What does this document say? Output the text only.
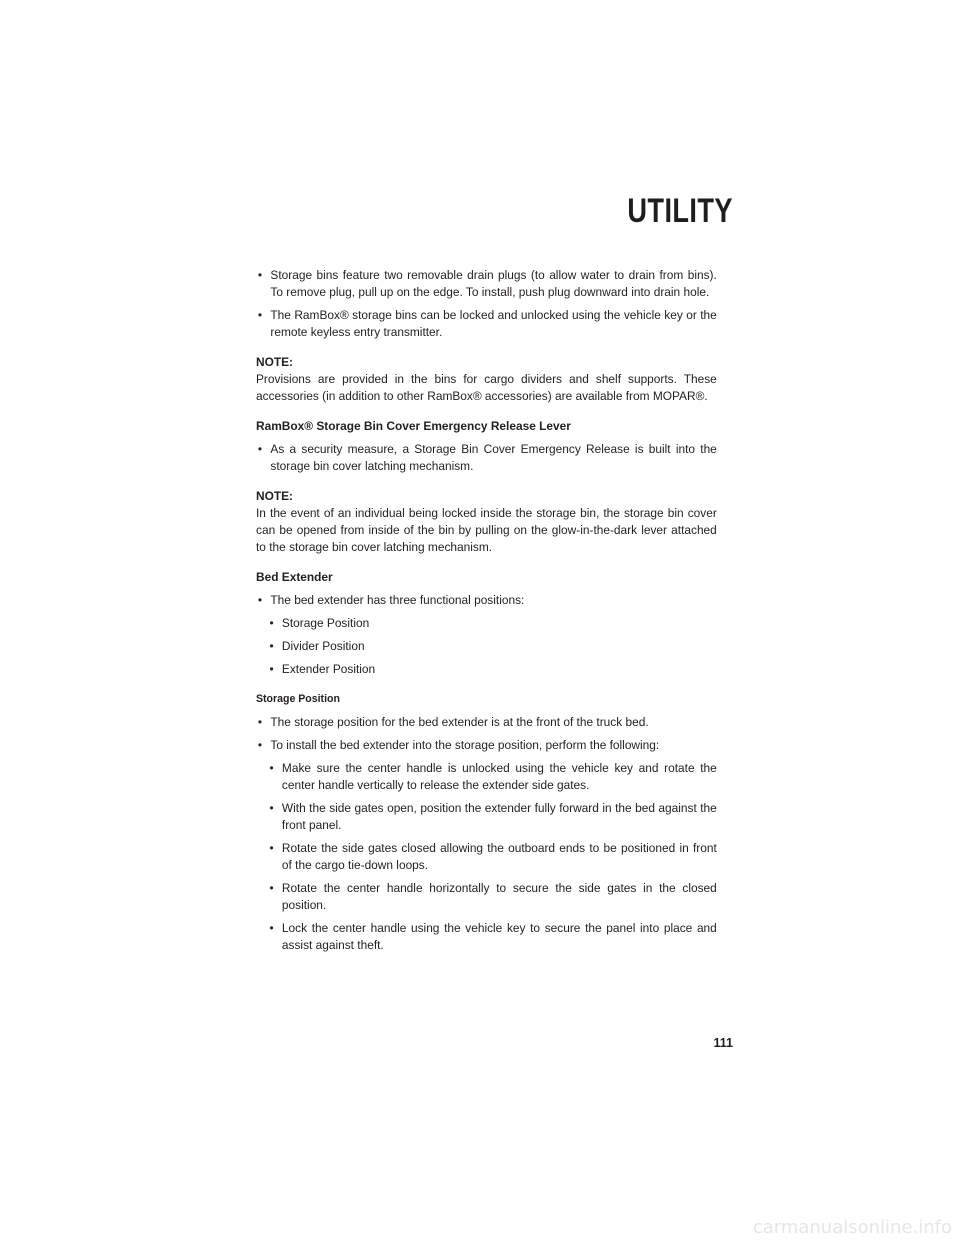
UTILITY

• Storage bins feature two removable drain plugs (to allow water to drain from bins). To remove plug, pull up on the edge. To install, push plug downward into drain hole.

• The RamBox® storage bins can be locked and unlocked using the vehicle key or the remote keyless entry transmitter.

NOTE:

Provisions are provided in the bins for cargo dividers and shelf supports. These accessories (in addition to other RamBox® accessories) are available from MOPAR®.

RamBox® Storage Bin Cover Emergency Release Lever

• As a security measure, a Storage Bin Cover Emergency Release is built into the storage bin cover latching mechanism.

NOTE:

In the event of an individual being locked inside the storage bin, the storage bin cover can be opened from inside of the bin by pulling on the glow-in-the-dark lever attached to the storage bin cover latching mechanism.

Bed Extender

• The bed extender has three functional positions:

• Storage Position

• Divider Position

• Extender Position

Storage Position

• The storage position for the bed extender is at the front of the truck bed.

• To install the bed extender into the storage position, perform the following:

• Make sure the center handle is unlocked using the vehicle key and rotate the center handle vertically to release the extender side gates.

• With the side gates open, position the extender fully forward in the bed against the front panel.

• Rotate the side gates closed allowing the outboard ends to be positioned in front of the cargo tie-down loops.

• Rotate the center handle horizontally to secure the side gates in the closed position.

• Lock the center handle using the vehicle key to secure the panel into place and assist against theft.

111

carmanualsonline.info
